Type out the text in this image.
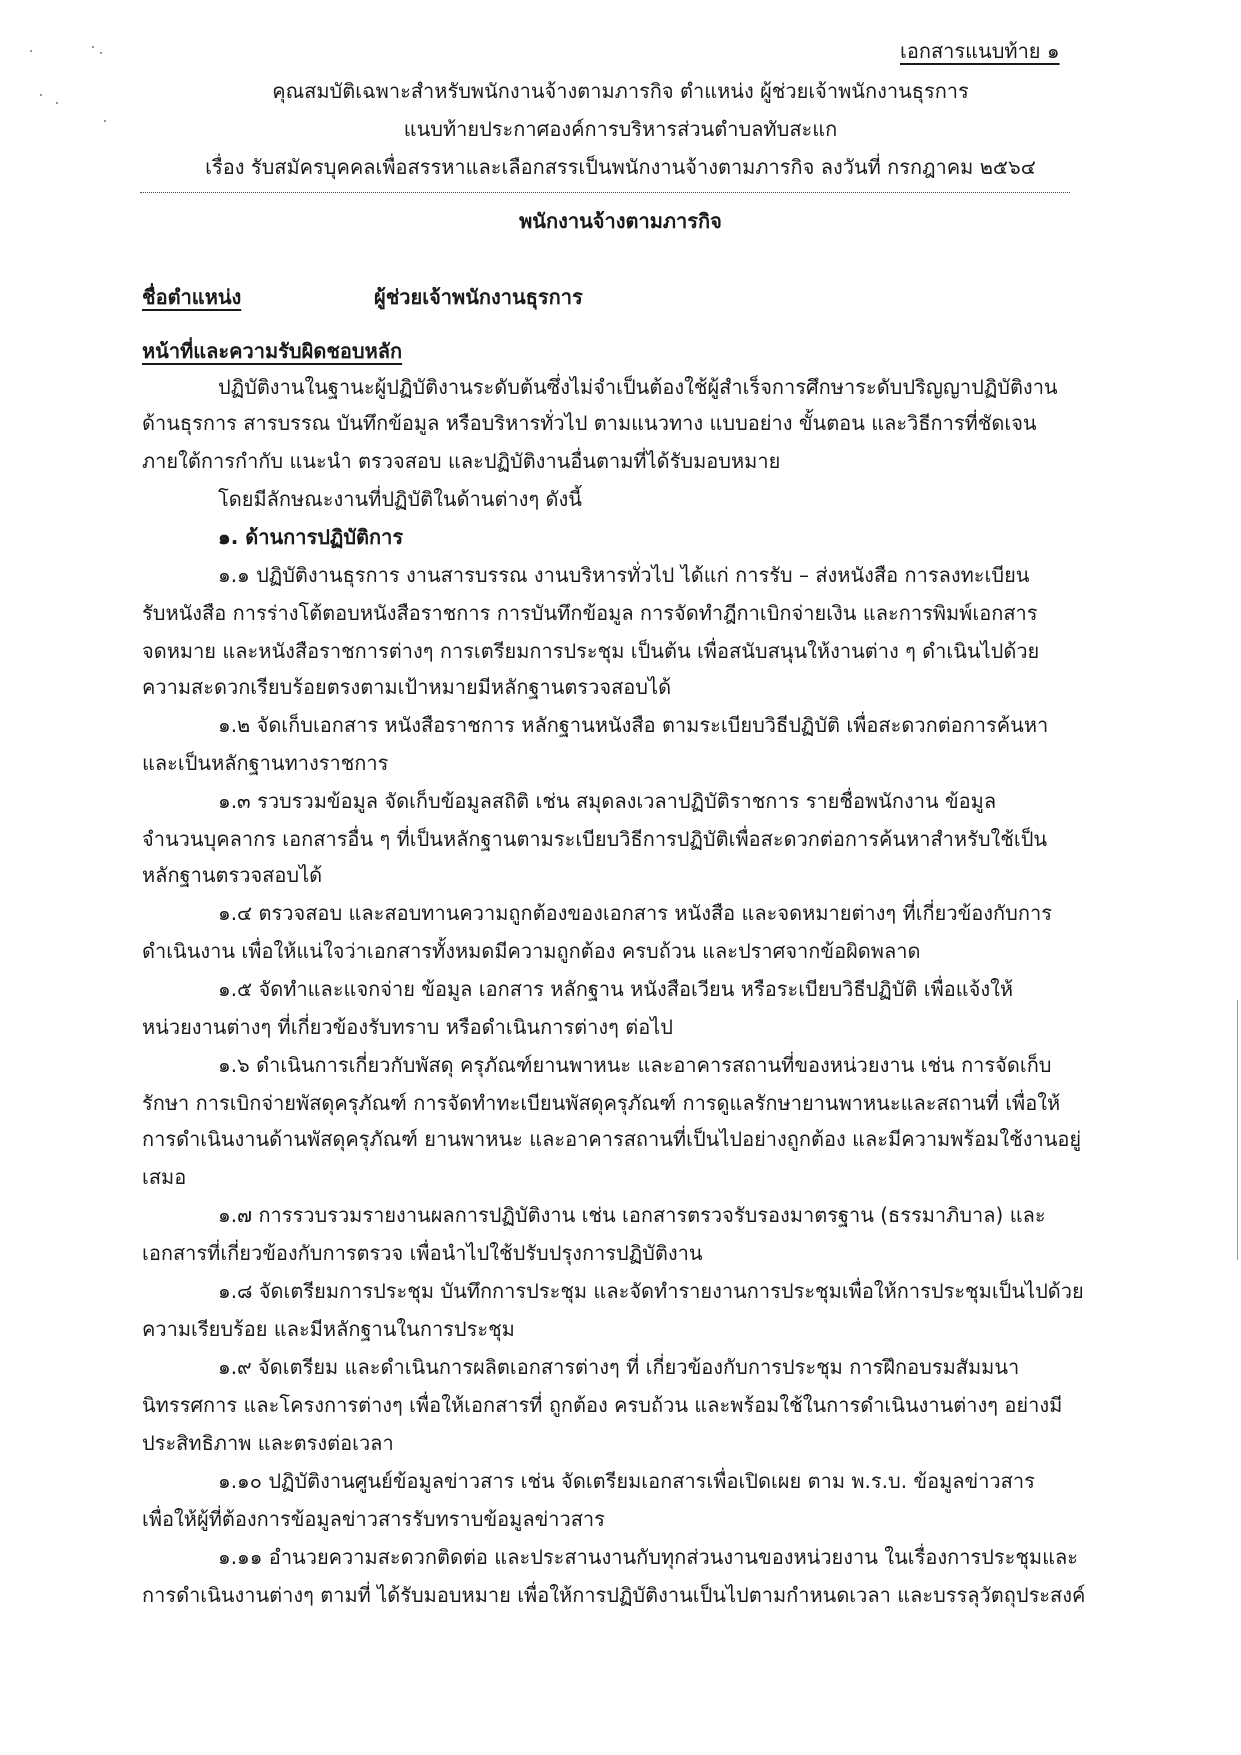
เอกสารแนบท้าย ๑
คุณสมบัติเฉพาะสำหรับพนักงานจ้างตามภารกิจ ตำแหน่ง ผู้ช่วยเจ้าพนักงานธุรการ
แนบท้ายประกาศองค์การบริหารส่วนตำบลทับสะแก
เรื่อง รับสมัครบุคคลเพื่อสรรหาและเลือกสรรเป็นพนักงานจ้างตามภารกิจ ลงวันที่ กรกฎาคม ๒๕๖๔
พนักงานจ้างตามภารกิจ
ชื่อตำแหน่ง	ผู้ช่วยเจ้าพนักงานธุรการ
หน้าที่และความรับผิดชอบหลัก
ปฏิบัติงานในฐานะผู้ปฏิบัติงานระดับต้นซึ่งไม่จำเป็นต้องใช้ผู้สำเร็จการศึกษาระดับปริญญาปฏิบัติงาน
ด้านธุรการ สารบรรณ บันทึกข้อมูล หรือบริหารทั่วไป ตามแนวทาง แบบอย่าง ขั้นตอน และวิธีการที่ชัดเจน
ภายใต้การกำกับ แนะนำ ตรวจสอบ และปฏิบัติงานอื่นตามที่ได้รับมอบหมาย
โดยมีลักษณะงานที่ปฏิบัติในด้านต่างๆ ดังนี้
๑. ด้านการปฏิบัติการ
๑.๑ ปฏิบัติงานธุรการ งานสารบรรณ งานบริหารทั่วไป ได้แก่ การรับ – ส่งหนังสือ การลงทะเบียน
รับหนังสือ การร่างโต้ตอบหนังสือราชการ การบันทึกข้อมูล การจัดทำฎีกาเบิกจ่ายเงิน และการพิมพ์เอกสาร
จดหมาย และหนังสือราชการต่างๆ การเตรียมการประชุม เป็นต้น เพื่อสนับสนุนให้งานต่าง ๆ ดำเนินไปด้วย
ความสะดวกเรียบร้อยตรงตามเป้าหมายมีหลักฐานตรวจสอบได้
๑.๒ จัดเก็บเอกสาร หนังสือราชการ หลักฐานหนังสือ ตามระเบียบวิธีปฏิบัติ เพื่อสะดวกต่อการค้นหา
และเป็นหลักฐานทางราชการ
๑.๓ รวบรวมข้อมูล จัดเก็บข้อมูลสถิติ เช่น สมุดลงเวลาปฏิบัติราชการ รายชื่อพนักงาน ข้อมูล
จำนวนบุคลากร เอกสารอื่น ๆ ที่เป็นหลักฐานตามระเบียบวิธีการปฏิบัติเพื่อสะดวกต่อการค้นหาสำหรับใช้เป็น
หลักฐานตรวจสอบได้
๑.๔ ตรวจสอบ และสอบทานความถูกต้องของเอกสาร หนังสือ และจดหมายต่างๆ ที่เกี่ยวข้องกับการ
ดำเนินงาน เพื่อให้แน่ใจว่าเอกสารทั้งหมดมีความถูกต้อง ครบถ้วน และปราศจากข้อผิดพลาด
๑.๕ จัดทำและแจกจ่าย ข้อมูล เอกสาร หลักฐาน หนังสือเวียน หรือระเบียบวิธีปฏิบัติ เพื่อแจ้งให้
หน่วยงานต่างๆ ที่เกี่ยวข้องรับทราบ หรือดำเนินการต่างๆ ต่อไป
๑.๖ ดำเนินการเกี่ยวกับพัสดุ ครุภัณฑ์ยานพาหนะ และอาคารสถานที่ของหน่วยงาน เช่น การจัดเก็บ
รักษา การเบิกจ่ายพัสดุครุภัณฑ์ การจัดทำทะเบียนพัสดุครุภัณฑ์ การดูแลรักษายานพาหนะและสถานที่ เพื่อให้
การดำเนินงานด้านพัสดุครุภัณฑ์ ยานพาหนะ และอาคารสถานที่เป็นไปอย่างถูกต้อง และมีความพร้อมใช้งานอยู่
เสมอ
๑.๗ การรวบรวมรายงานผลการปฏิบัติงาน เช่น เอกสารตรวจรับรองมาตรฐาน (ธรรมาภิบาล) และ
เอกสารที่เกี่ยวข้องกับการตรวจ เพื่อนำไปใช้ปรับปรุงการปฏิบัติงาน
๑.๘ จัดเตรียมการประชุม บันทึกการประชุม และจัดทำรายงานการประชุมเพื่อให้การประชุมเป็นไปด้วย
ความเรียบร้อย และมีหลักฐานในการประชุม
๑.๙ จัดเตรียม และดำเนินการผลิตเอกสารต่างๆ ที่ เกี่ยวข้องกับการประชุม การฝึกอบรมสัมมนา
นิทรรศการ และโครงการต่างๆ เพื่อให้เอกสารที่ ถูกต้อง ครบถ้วน และพร้อมใช้ในการดำเนินงานต่างๆ อย่างมี
ประสิทธิภาพ และตรงต่อเวลา
๑.๑๐ ปฏิบัติงานศูนย์ข้อมูลข่าวสาร เช่น จัดเตรียมเอกสารเพื่อเปิดเผย ตาม พ.ร.บ. ข้อมูลข่าวสาร
เพื่อให้ผู้ที่ต้องการข้อมูลข่าวสารรับทราบข้อมูลข่าวสาร
๑.๑๑ อำนวยความสะดวกติดต่อ และประสานงานกับทุกส่วนงานของหน่วยงาน ในเรื่องการประชุมและ
การดำเนินงานต่างๆ ตามที่ ได้รับมอบหมาย เพื่อให้การปฏิบัติงานเป็นไปตามกำหนดเวลา และบรรลุวัตถุประสงค์
